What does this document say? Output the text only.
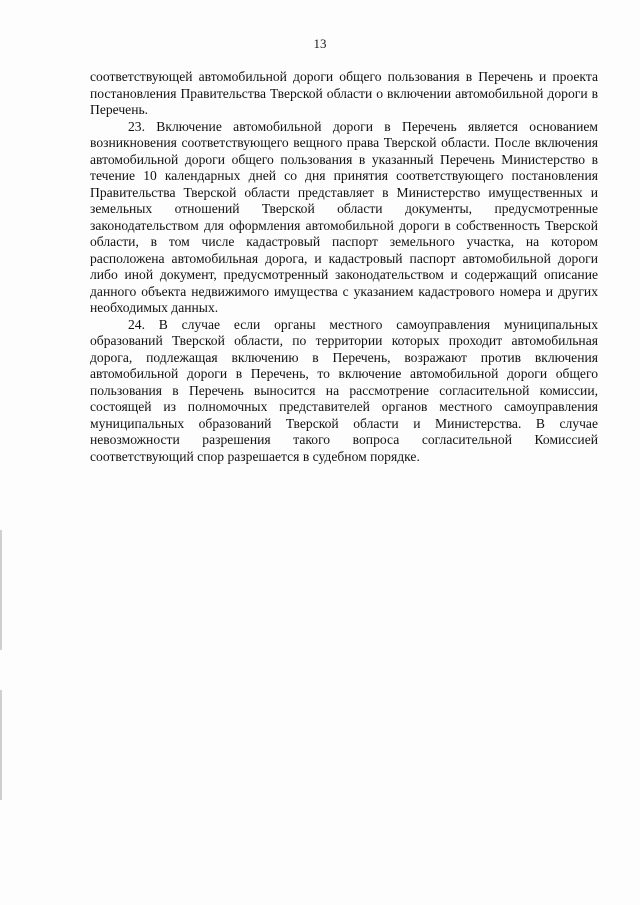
13

соответствующей автомобильной дороги общего пользования в Перечень и проекта постановления Правительства Тверской области о включении автомобильной дороги в Перечень.

23. Включение автомобильной дороги в Перечень является основанием возникновения соответствующего вещного права Тверской области. После включения автомобильной дороги общего пользования в указанный Перечень Министерство в течение 10 календарных дней со дня принятия соответствующего постановления Правительства Тверской области представляет в Министерство имущественных и земельных отношений Тверской области документы, предусмотренные законодательством для оформления автомобильной дороги в собственность Тверской области, в том числе кадастровый паспорт земельного участка, на котором расположена автомобильная дорога, и кадастровый паспорт автомобильной дороги либо иной документ, предусмотренный законодательством и содержащий описание данного объекта недвижимого имущества с указанием кадастрового номера и других необходимых данных.

24. В случае если органы местного самоуправления муниципальных образований Тверской области, по территории которых проходит автомобильная дорога, подлежащая включению в Перечень, возражают против включения автомобильной дороги в Перечень, то включение автомобильной дороги общего пользования в Перечень выносится на рассмотрение согласительной комиссии, состоящей из полномочных представителей органов местного самоуправления муниципальных образований Тверской области и Министерства. В случае невозможности разрешения такого вопроса согласительной Комиссией соответствующий спор разрешается в судебном порядке.
